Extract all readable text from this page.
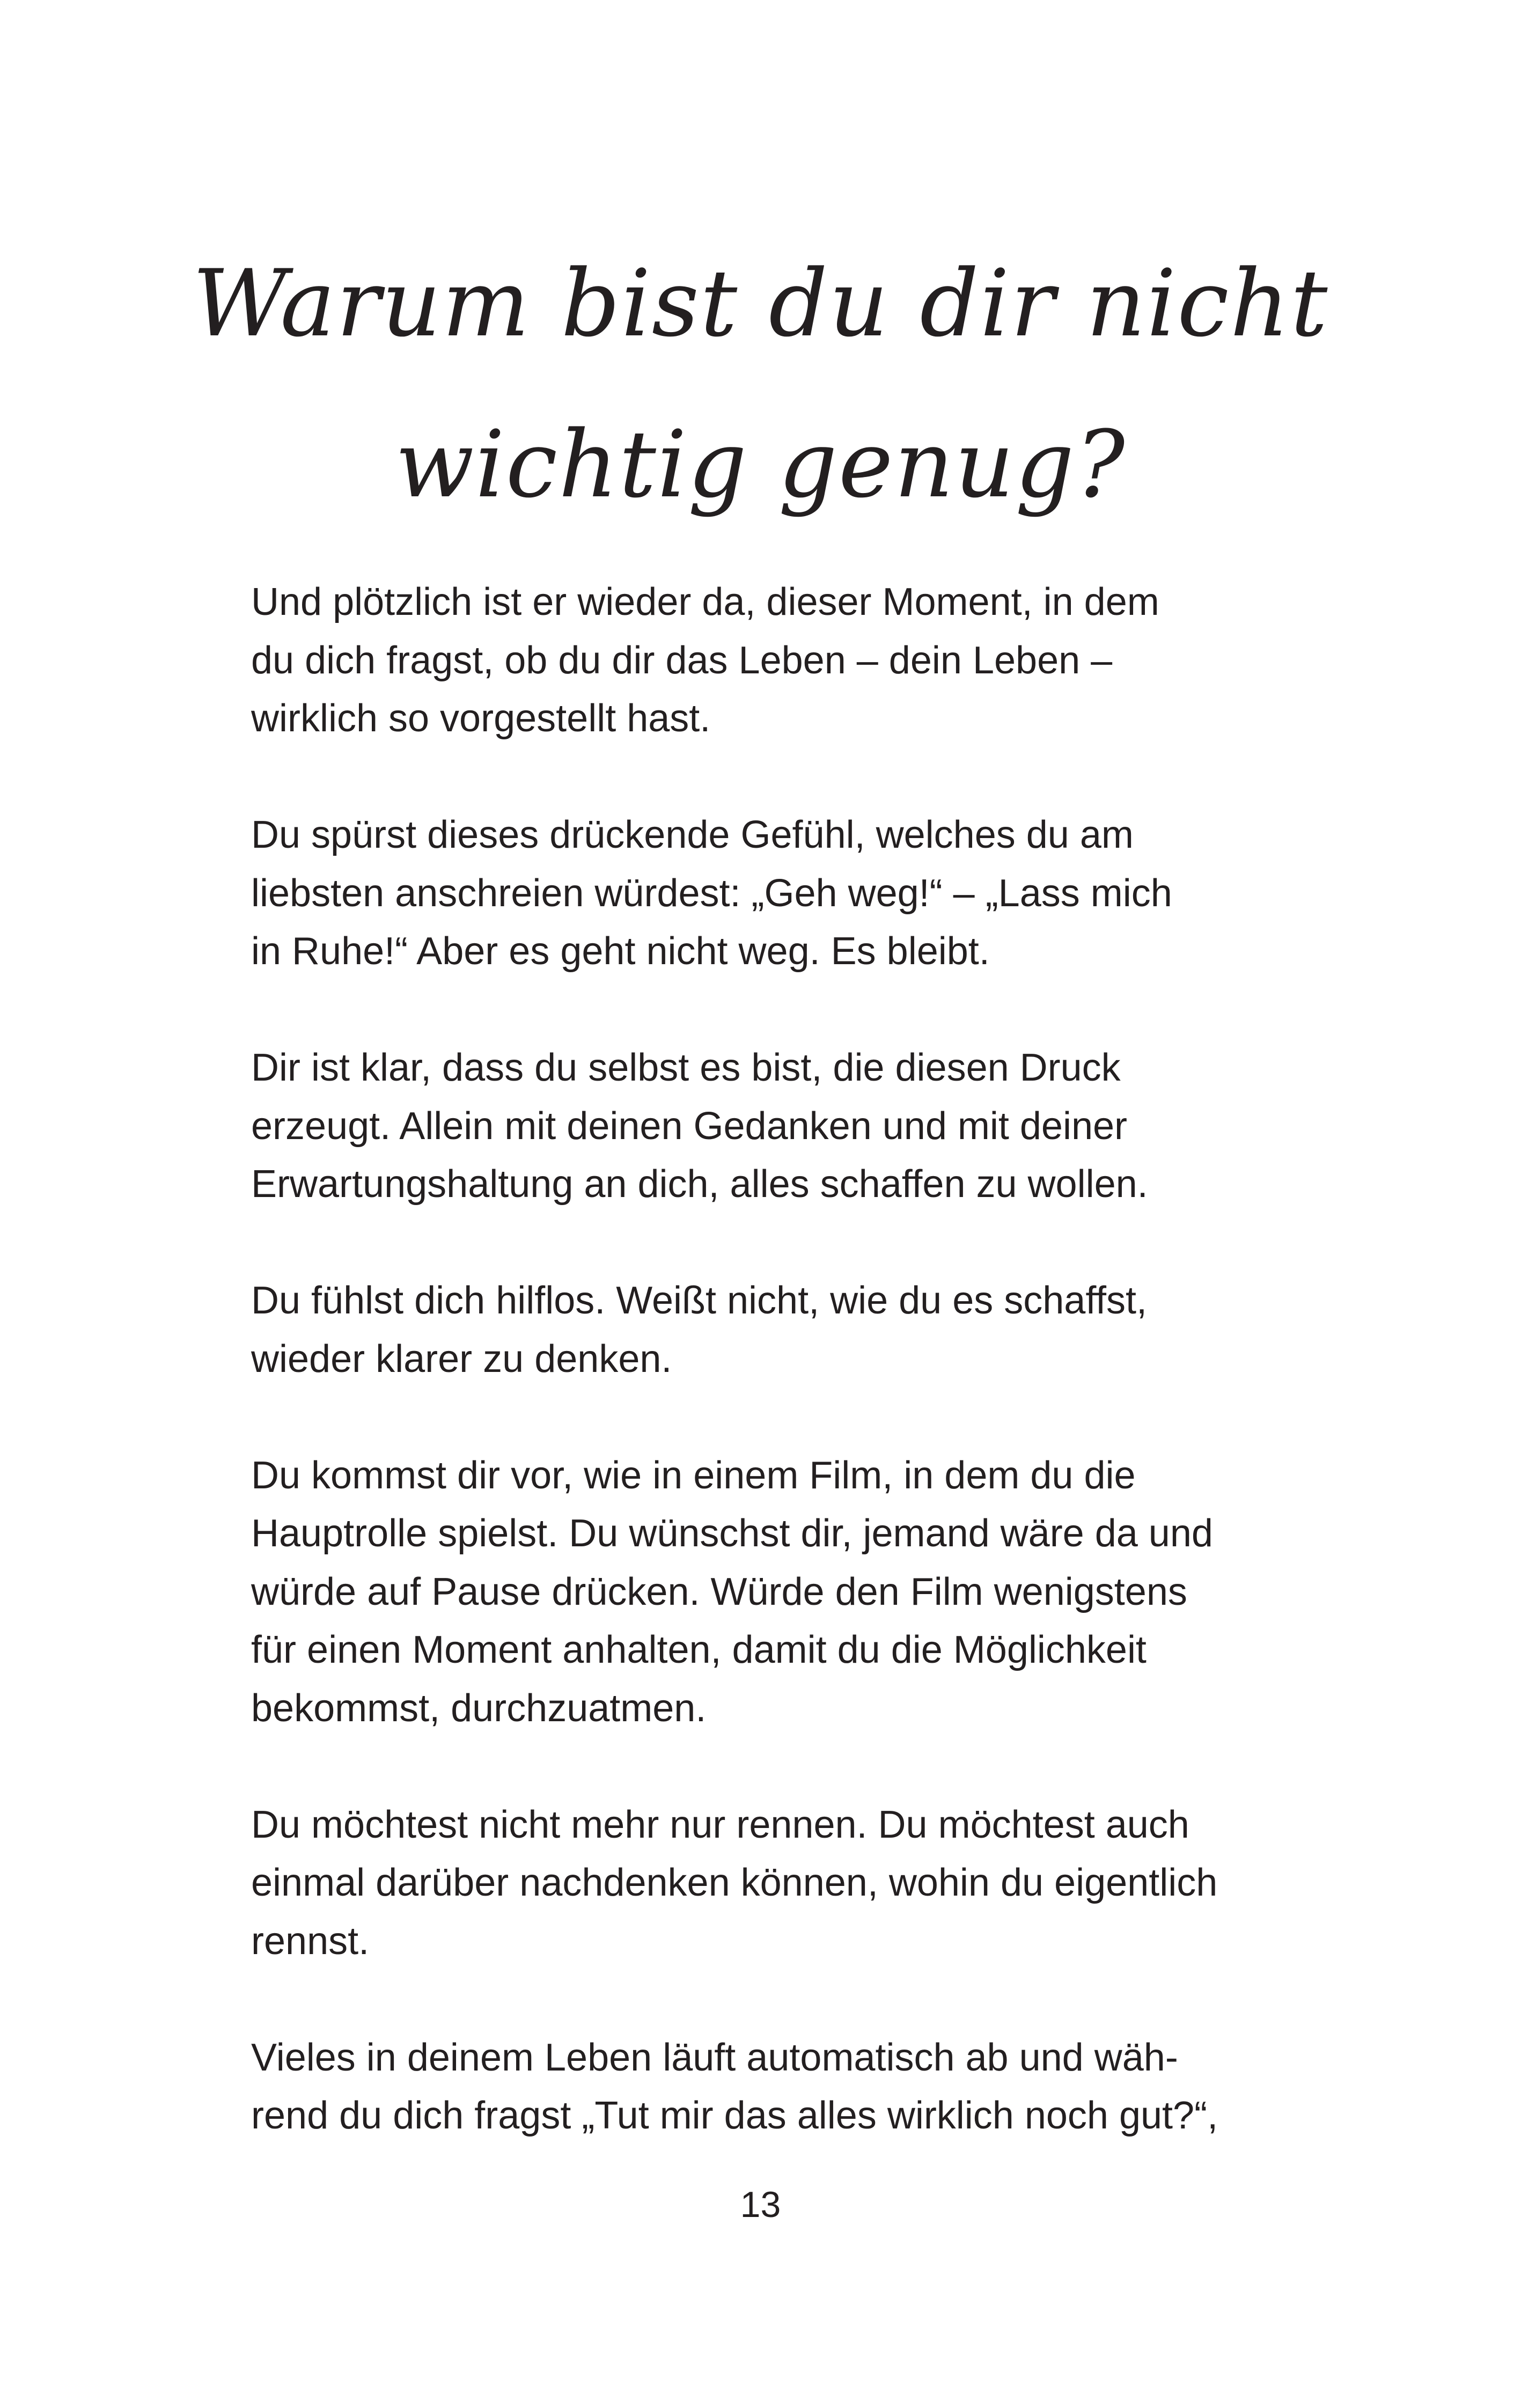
Warum bist du dir nicht
wichtig genug?

Und plötzlich ist er wieder da, dieser Moment, in dem
du dich fragst, ob du dir das Leben – dein Leben –
wirklich so vorgestellt hast.

Du spürst dieses drückende Gefühl, welches du am
liebsten anschreien würdest: „Geh weg!“ – „Lass mich
in Ruhe!“ Aber es geht nicht weg. Es bleibt.

Dir ist klar, dass du selbst es bist, die diesen Druck
erzeugt. Allein mit deinen Gedanken und mit deiner
Erwartungshaltung an dich, alles schaffen zu wollen.

Du fühlst dich hilflos. Weißt nicht, wie du es schaffst,
wieder klarer zu denken.

Du kommst dir vor, wie in einem Film, in dem du die
Hauptrolle spielst. Du wünschst dir, jemand wäre da und
würde auf Pause drücken. Würde den Film wenigstens
für einen Moment anhalten, damit du die Möglichkeit
bekommst, durchzuatmen.

Du möchtest nicht mehr nur rennen. Du möchtest auch
einmal darüber nachdenken können, wohin du eigentlich
rennst.

Vieles in deinem Leben läuft automatisch ab und wäh-
rend du dich fragst „Tut mir das alles wirklich noch gut?“,

13
